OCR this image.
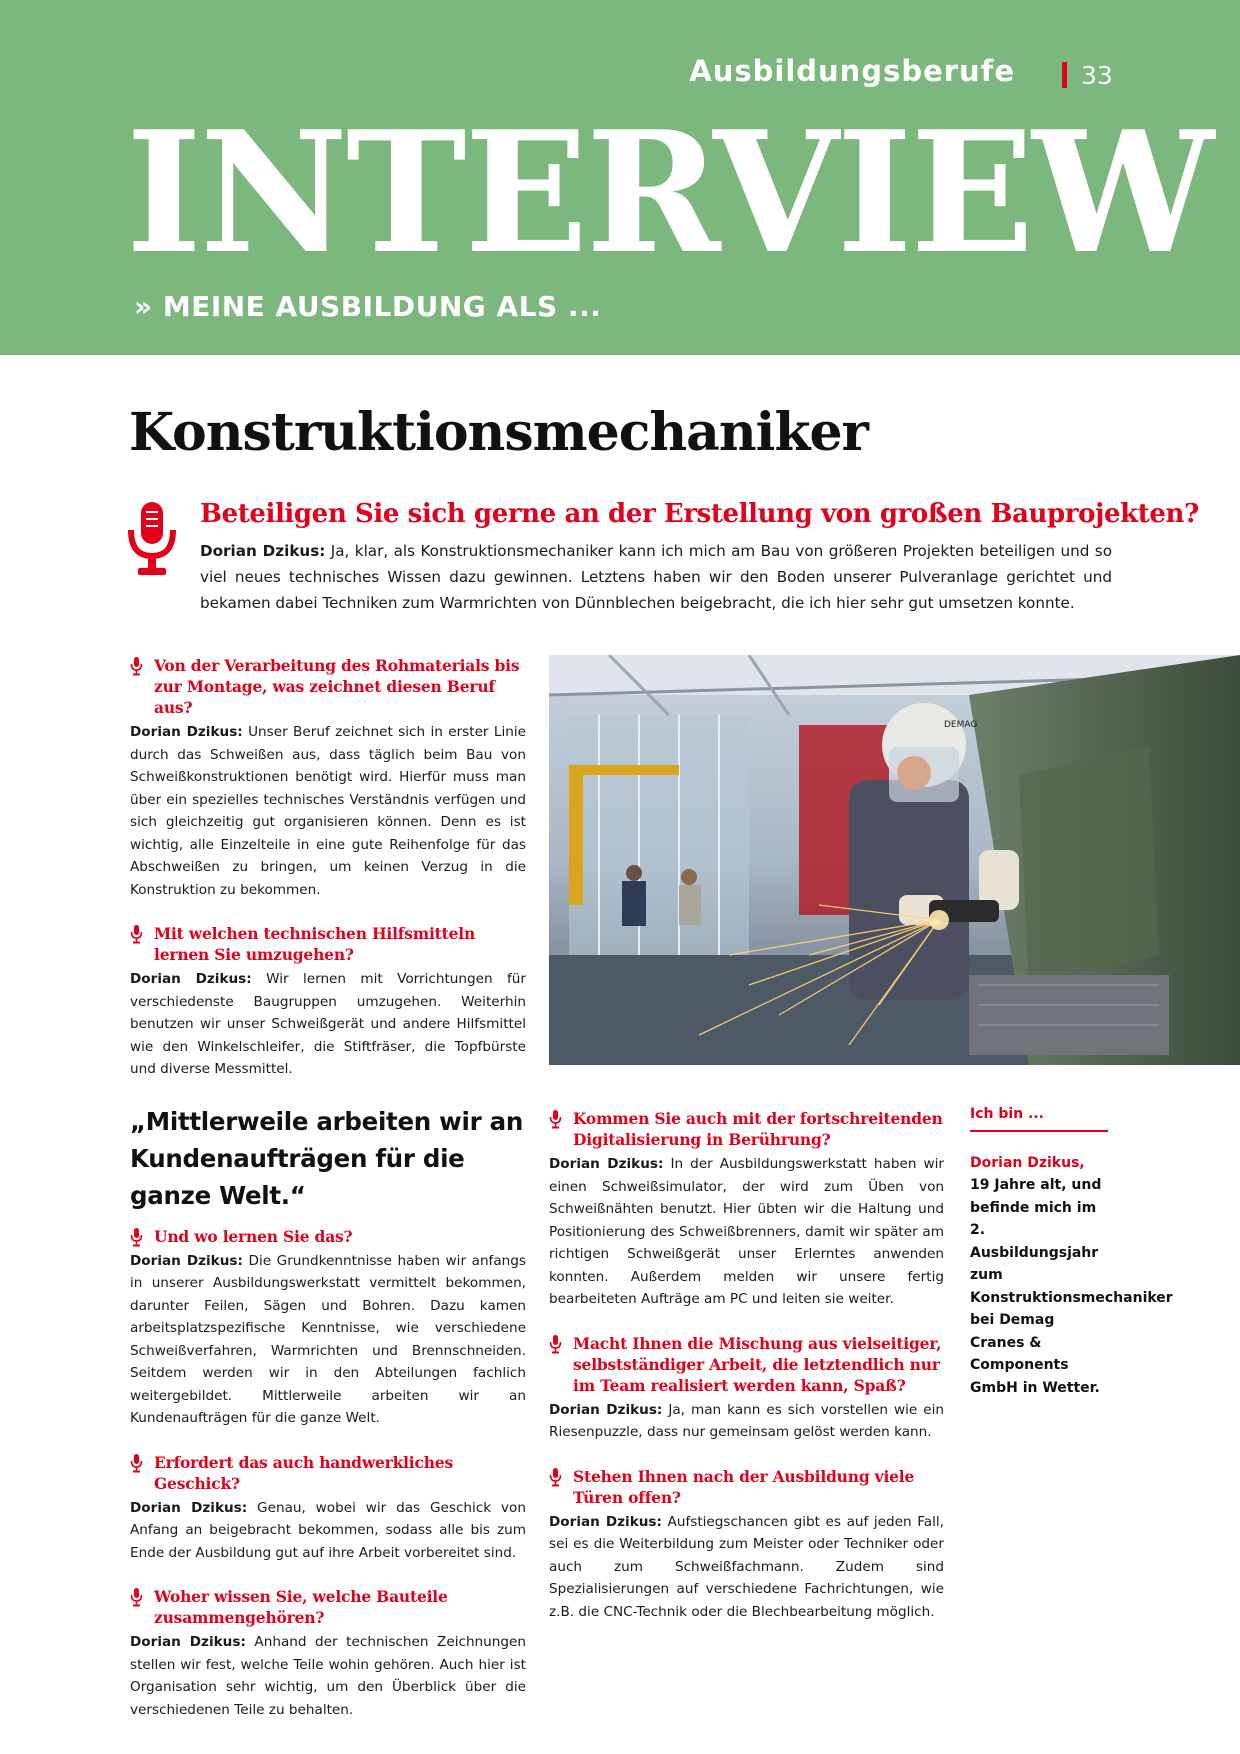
Ausbildungsberufe	33
INTERVIEW
» MEINE AUSBILDUNG ALS ...
Konstruktionsmechaniker
Beteiligen Sie sich gerne an der Erstellung von großen Bauprojekten?
Dorian Dzikus: Ja, klar, als Konstruktionsmechaniker kann ich mich am Bau von größeren Projekten beteiligen und so viel neues technisches Wissen dazu gewinnen. Letztens haben wir den Boden unserer Pulveranlage gerichtet und bekamen dabei Techniken zum Warmrichten von Dünnblechen beigebracht, die ich hier sehr gut umsetzen konnte.
Von der Verarbeitung des Rohmaterials bis zur Montage, was zeichnet diesen Beruf aus?
Dorian Dzikus: Unser Beruf zeichnet sich in erster Linie durch das Schweißen aus, dass täglich beim Bau von Schweißkonstruktionen benötigt wird. Hierfür muss man über ein spezielles technisches Verständnis verfügen und sich gleichzeitig gut organisieren können. Denn es ist wichtig, alle Einzelteile in eine gute Reihenfolge für das Abschweißen zu bringen, um keinen Verzug in die Konstruktion zu bekommen.
Mit welchen technischen Hilfsmitteln lernen Sie umzugehen?
Dorian Dzikus: Wir lernen mit Vorrichtungen für verschiedenste Baugruppen umzugehen. Weiterhin benutzen wir unser Schweißgerät und andere Hilfsmittel wie den Winkelschleifer, die Stiftfräser, die Topfbürste und diverse Messmittel.
„Mittlerweile arbeiten wir an Kundenaufträgen für die ganze Welt.“
Und wo lernen Sie das?
Dorian Dzikus: Die Grundkenntnisse haben wir anfangs in unserer Ausbildungswerkstatt vermittelt bekommen, darunter Feilen, Sägen und Bohren. Dazu kamen arbeitsplatzspezifische Kenntnisse, wie verschiedene Schweißverfahren, Warmrichten und Brennschneiden. Seitdem werden wir in den Abteilungen fachlich weitergebildet. Mittlerweile arbeiten wir an Kundenaufträgen für die ganze Welt.
Erfordert das auch handwerkliches Geschick?
Dorian Dzikus: Genau, wobei wir das Geschick von Anfang an beigebracht bekommen, sodass alle bis zum Ende der Ausbildung gut auf ihre Arbeit vorbereitet sind.
Woher wissen Sie, welche Bauteile zusammengehören?
Dorian Dzikus: Anhand der technischen Zeichnungen stellen wir fest, welche Teile wohin gehören. Auch hier ist Organisation sehr wichtig, um den Überblick über die verschiedenen Teile zu behalten.
DEMAG
Kommen Sie auch mit der fortschreitenden Digitalisierung in Berührung?
Dorian Dzikus: In der Ausbildungswerkstatt haben wir einen Schweißsimulator, der wird zum Üben von Schweißnähten benutzt. Hier übten wir die Haltung und Positionierung des Schweißbrenners, damit wir später am richtigen Schweißgerät unser Erlerntes anwenden konnten. Außerdem melden wir unsere fertig bearbeiteten Aufträge am PC und leiten sie weiter.
Macht Ihnen die Mischung aus vielseitiger, selbstständiger Arbeit, die letztendlich nur im Team realisiert werden kann, Spaß?
Dorian Dzikus: Ja, man kann es sich vorstellen wie ein Riesenpuzzle, dass nur gemeinsam gelöst werden kann.
Stehen Ihnen nach der Ausbildung viele Türen offen?
Dorian Dzikus: Aufstiegschancen gibt es auf jeden Fall, sei es die Weiterbildung zum Meister oder Techniker oder auch zum Schweißfachmann. Zudem sind Spezialisierungen auf verschiedene Fachrichtungen, wie z.B. die CNC-Technik oder die Blechbearbeitung möglich.
Ich bin ...
Dorian Dzikus,
19 Jahre alt, und befinde mich im 2. Ausbildungsjahr zum Konstruktionsmechaniker bei Demag Cranes & Components GmbH in Wetter.
